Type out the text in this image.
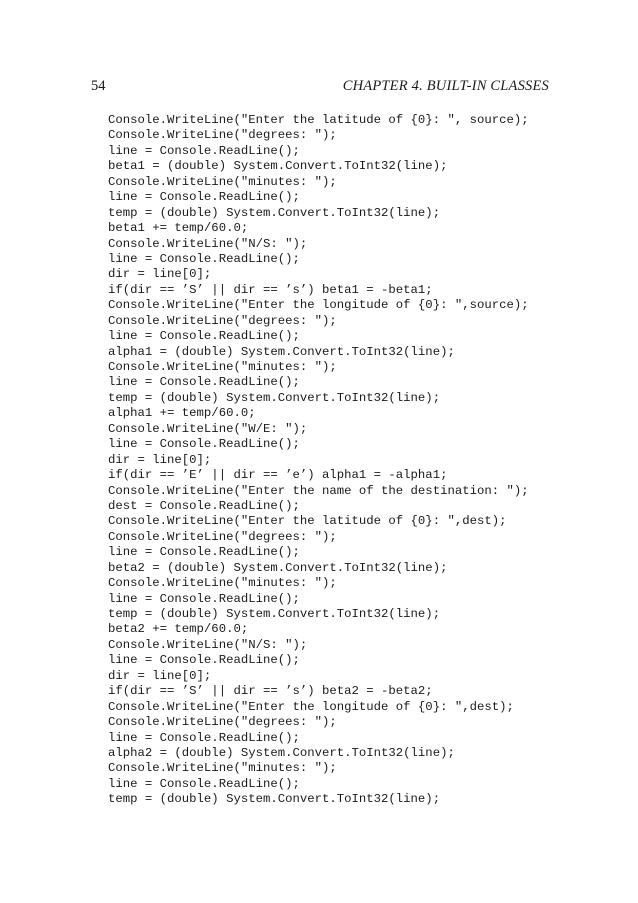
54	CHAPTER 4. BUILT-IN CLASSES
Console.WriteLine("Enter the latitude of {0}: ", source);
Console.WriteLine("degrees: ");
line = Console.ReadLine();
beta1 = (double) System.Convert.ToInt32(line);
Console.WriteLine("minutes: ");
line = Console.ReadLine();
temp = (double) System.Convert.ToInt32(line);
beta1 += temp/60.0;
Console.WriteLine("N/S: ");
line = Console.ReadLine();
dir = line[0];
if(dir == ’S’ || dir == ’s’) beta1 = -beta1;
Console.WriteLine("Enter the longitude of {0}: ",source);
Console.WriteLine("degrees: ");
line = Console.ReadLine();
alpha1 = (double) System.Convert.ToInt32(line);
Console.WriteLine("minutes: ");
line = Console.ReadLine();
temp = (double) System.Convert.ToInt32(line);
alpha1 += temp/60.0;
Console.WriteLine("W/E: ");
line = Console.ReadLine();
dir = line[0];
if(dir == ’E’ || dir == ’e’) alpha1 = -alpha1;
Console.WriteLine("Enter the name of the destination: ");
dest = Console.ReadLine();
Console.WriteLine("Enter the latitude of {0}: ",dest);
Console.WriteLine("degrees: ");
line = Console.ReadLine();
beta2 = (double) System.Convert.ToInt32(line);
Console.WriteLine("minutes: ");
line = Console.ReadLine();
temp = (double) System.Convert.ToInt32(line);
beta2 += temp/60.0;
Console.WriteLine("N/S: ");
line = Console.ReadLine();
dir = line[0];
if(dir == ’S’ || dir == ’s’) beta2 = -beta2;
Console.WriteLine("Enter the longitude of {0}: ",dest);
Console.WriteLine("degrees: ");
line = Console.ReadLine();
alpha2 = (double) System.Convert.ToInt32(line);
Console.WriteLine("minutes: ");
line = Console.ReadLine();
temp = (double) System.Convert.ToInt32(line);
